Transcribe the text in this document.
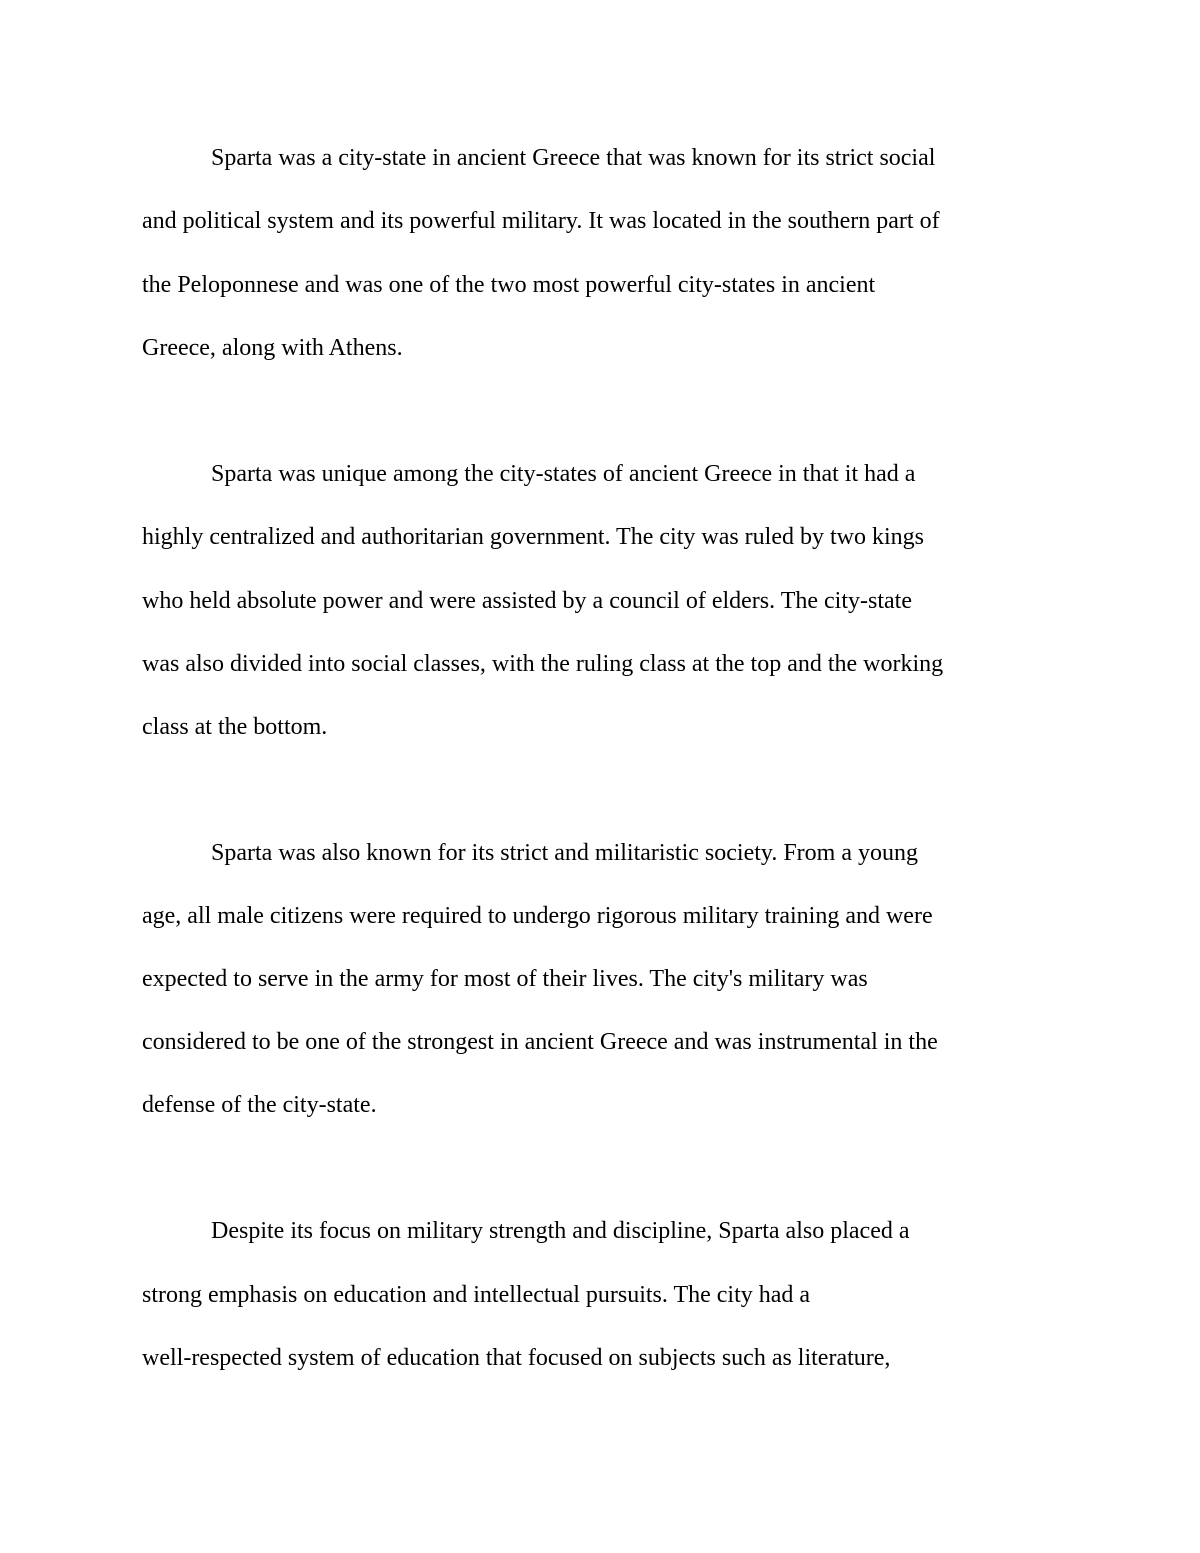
Sparta was a city-state in ancient Greece that was known for its strict social

and political system and its powerful military. It was located in the southern part of

the Peloponnese and was one of the two most powerful city-states in ancient

Greece, along with Athens.

Sparta was unique among the city-states of ancient Greece in that it had a

highly centralized and authoritarian government. The city was ruled by two kings

who held absolute power and were assisted by a council of elders. The city-state

was also divided into social classes, with the ruling class at the top and the working

class at the bottom.

Sparta was also known for its strict and militaristic society. From a young

age, all male citizens were required to undergo rigorous military training and were

expected to serve in the army for most of their lives. The city's military was

considered to be one of the strongest in ancient Greece and was instrumental in the

defense of the city-state.

Despite its focus on military strength and discipline, Sparta also placed a

strong emphasis on education and intellectual pursuits. The city had a

well-respected system of education that focused on subjects such as literature,
